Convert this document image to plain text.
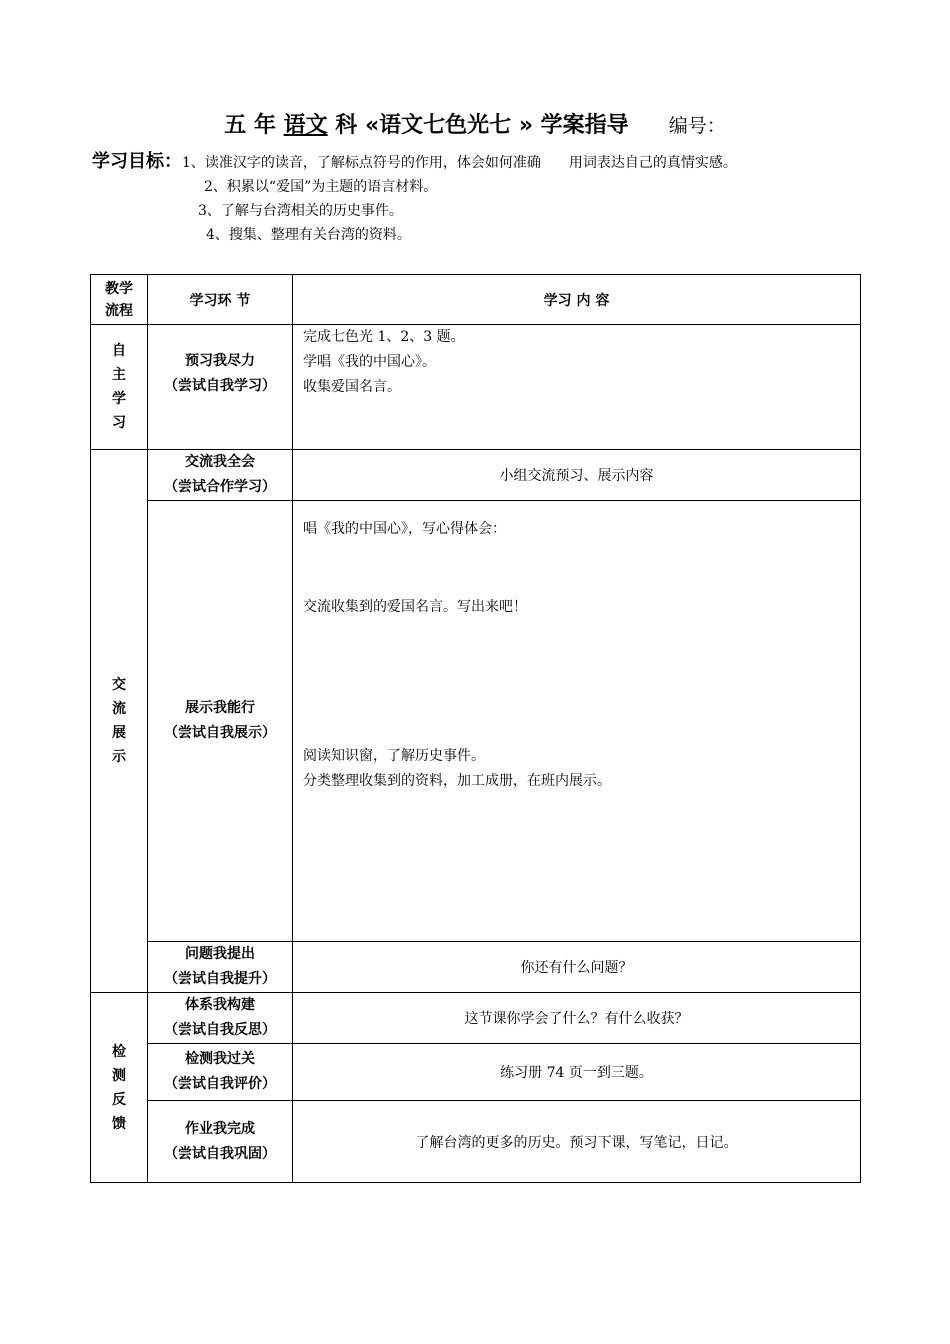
五 年 语文 科 «语文七色光七 » 学案指导 编号：
学习目标：1、读准汉字的读音，了解标点符号的作用，体会如何准确　　用词表达自己的真情实感。
2、积累以“爱国”为主题的语言材料。
3、了解与台湾相关的历史事件。
4、搜集、整理有关台湾的资料。
教学
流程	学习环 节	学习 内 容

自
主
学
习	预习我尽力
（尝试自我学习）	完成七色光 1、2、3 题。
学唱《我的中国心》。
收集爱国名言。

交
流
展
示	交流我全会
（尝试合作学习）	小组交流预习、展示内容

	展示我能行
（尝试自我展示）	唱《我的中国心》，写心得体会：
交流收集到的爱国名言。写出来吧！
阅读知识窗，了解历史事件。
分类整理收集到的资料，加工成册，在班内展示。

	问题我提出
（尝试自我提升）	你还有什么问题？

检
测
反
馈	体系我构建
（尝试自我反思）	这节课你学会了什么？有什么收获？

	检测我过关
（尝试自我评价）	练习册 74 页一到三题。

	作业我完成
（尝试自我巩固）	了解台湾的更多的历史。预习下课，写笔记，日记。
